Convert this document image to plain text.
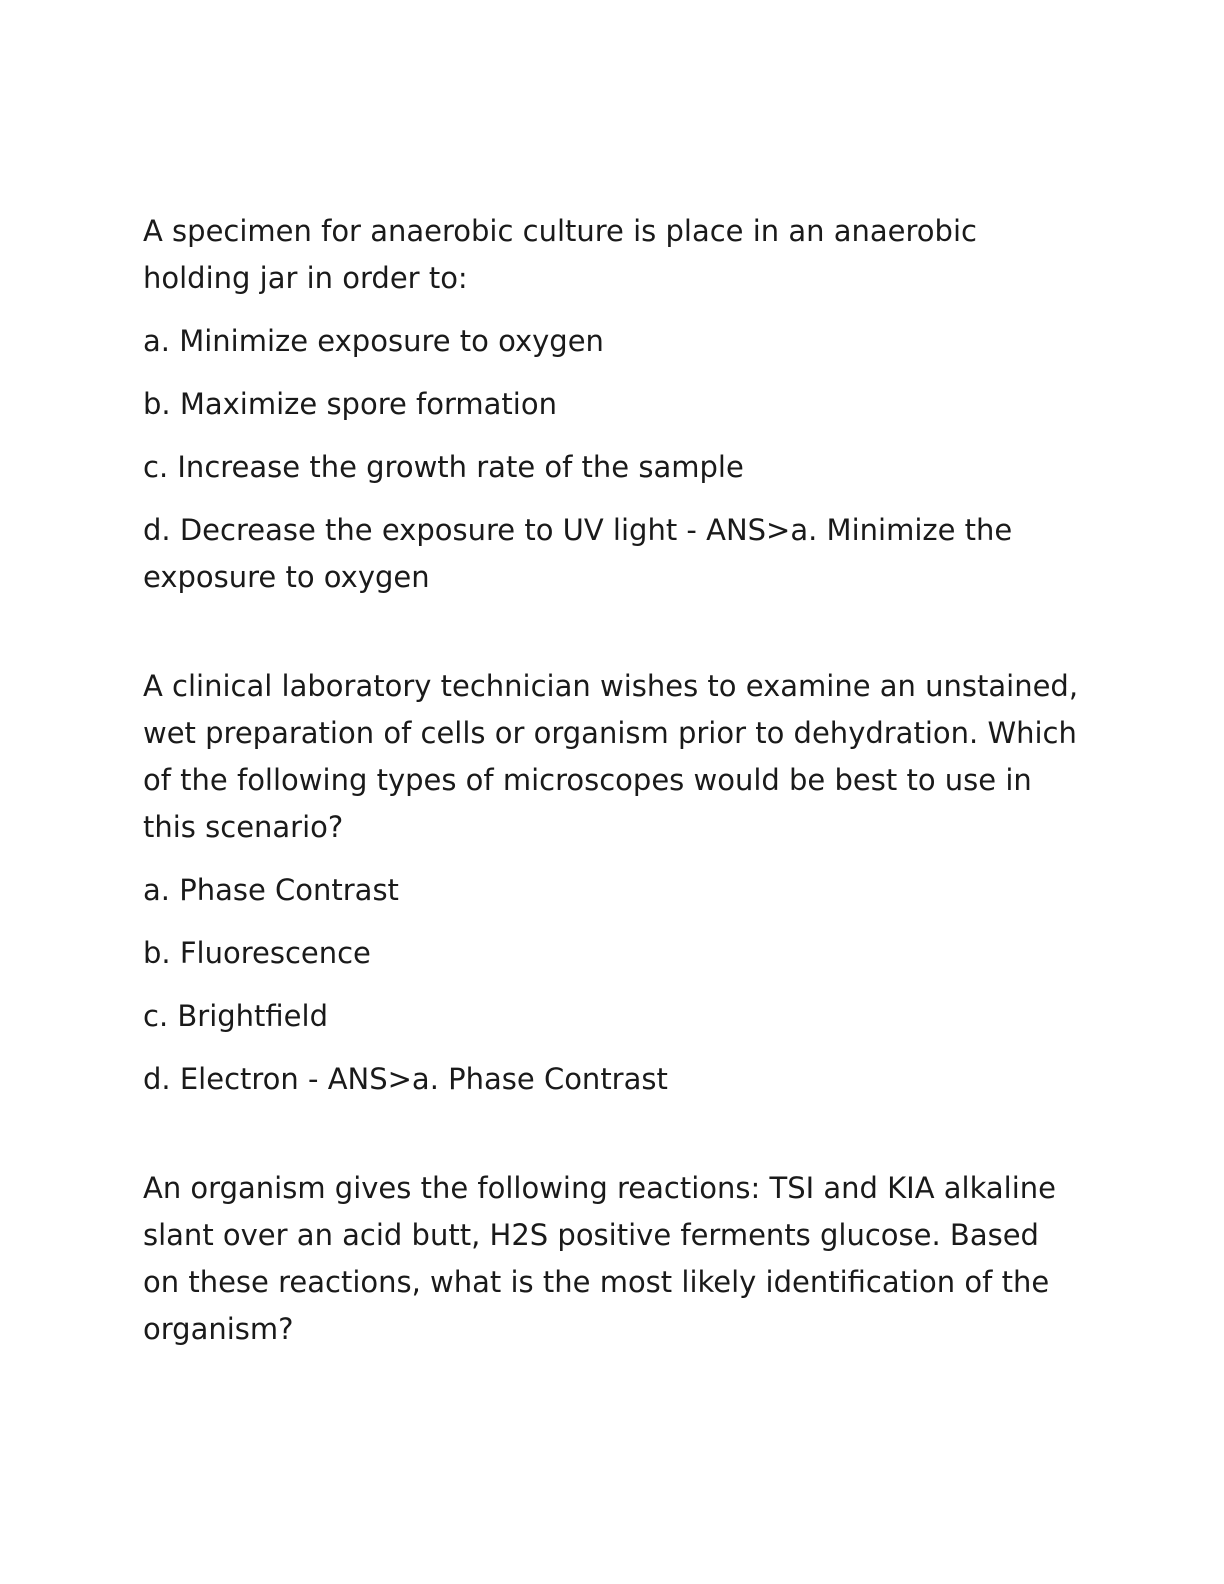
A specimen for anaerobic culture is place in an anaerobic holding jar in order to:

a. Minimize exposure to oxygen

b. Maximize spore formation

c. Increase the growth rate of the sample

d. Decrease the exposure to UV light - ANS>a. Minimize the exposure to oxygen

A clinical laboratory technician wishes to examine an unstained, wet preparation of cells or organism prior to dehydration. Which of the following types of microscopes would be best to use in this scenario?

a. Phase Contrast

b. Fluorescence

c. Brightfield

d. Electron - ANS>a. Phase Contrast

An organism gives the following reactions: TSI and KIA alkaline slant over an acid butt, H2S positive ferments glucose. Based on these reactions, what is the most likely identification of the organism?
